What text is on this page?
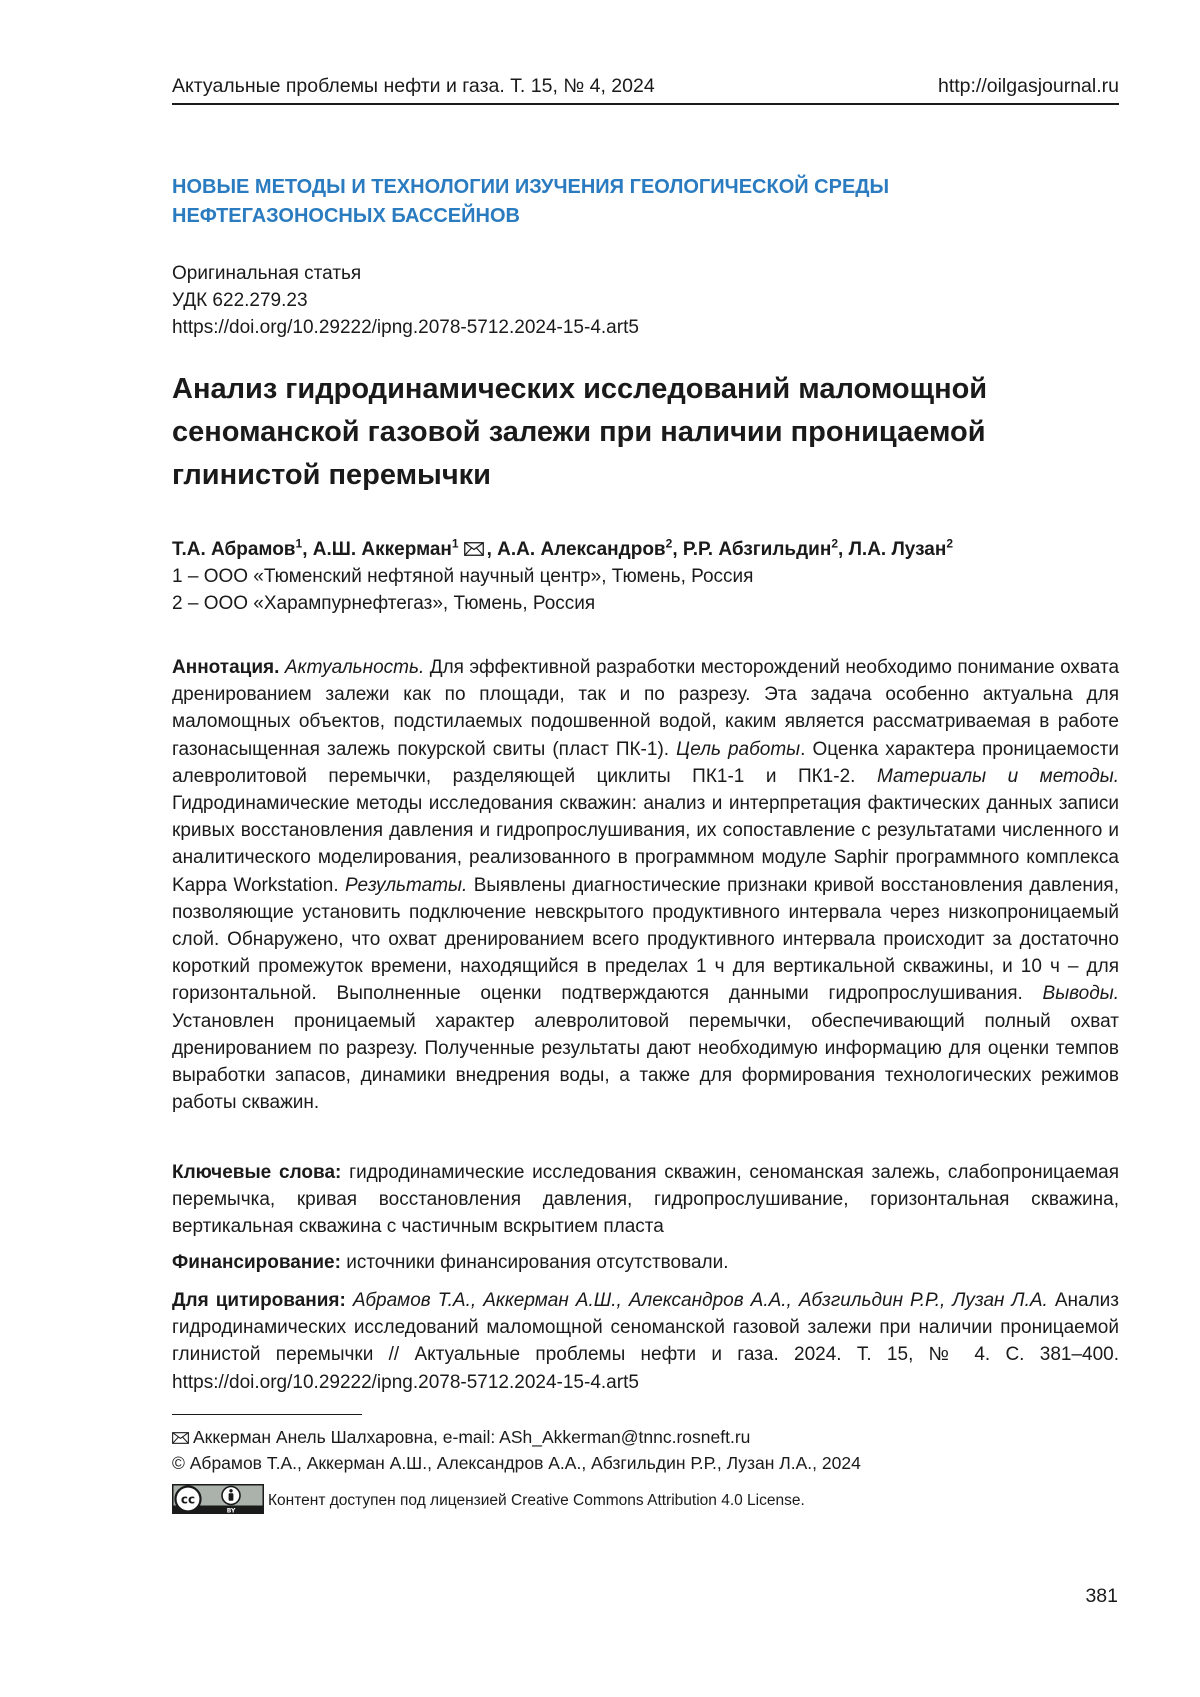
Актуальные проблемы нефти и газа. Т. 15, № 4, 2024	http://oilgasjournal.ru
НОВЫЕ МЕТОДЫ И ТЕХНОЛОГИИ ИЗУЧЕНИЯ ГЕОЛОГИЧЕСКОЙ СРЕДЫ
НЕФТЕГАЗОНОСНЫХ БАССЕЙНОВ
Оригинальная статья
УДК 622.279.23
https://doi.org/10.29222/ipng.2078-5712.2024-15-4.art5
Анализ гидродинамических исследований маломощной
сеноманской газовой залежи при наличии проницаемой
глинистой перемычки
Т.А. Абрамов$^1$, А.Ш. Аккерман$^1$ , А.А. Александров$^2$, Р.Р. Абзгильдин$^2$, Л.А. Лузан$^2$
1 – ООО «Тюменский нефтяной научный центр», Тюмень, Россия
2 – ООО «Харампурнефтегаз», Тюмень, Россия

Аннотация. Актуальность. Для эффективной разработки месторождений необходимо понимание охвата дренированием залежи как по площади, так и по разрезу. Эта задача особенно актуальна для маломощных объектов, подстилаемых подошвенной водой, каким является рассматриваемая в работе газонасыщенная залежь покурской свиты (пласт ПК-1). Цель работы. Оценка характера проницаемости алевролитовой перемычки, разделяющей циклиты ПК1-1 и ПК1-2. Материалы и методы. Гидродинамические методы исследования скважин: анализ и интерпретация фактических данных записи кривых восстановления давления и гидропрослушивания, их сопоставление с результатами численного и аналитического моделирования, реализованного в программном модуле Saphir программного комплекса Kappa Workstation. Результаты. Выявлены диагностические признаки кривой восстановления давления, позволяющие установить подключение невскрытого продуктивного интервала через низкопроницаемый слой. Обнаружено, что охват дренированием всего продуктивного интервала происходит за достаточно короткий промежуток времени, находящийся в пределах 1 ч для вертикальной скважины, и 10 ч – для горизонтальной. Выполненные оценки подтверждаются данными гидропрослушивания. Выводы. Установлен проницаемый характер алевролитовой перемычки, обеспечивающий полный охват дренированием по разрезу. Полученные результаты дают необходимую информацию для оценки темпов выработки запасов, динамики внедрения воды, а также для формирования технологических режимов работы скважин.

Ключевые слова: гидродинамические исследования скважин, сеноманская залежь, слабопроницаемая перемычка, кривая восстановления давления, гидропрослушивание, горизонтальная скважина, вертикальная скважина с частичным вскрытием пласта

Финансирование: источники финансирования отсутствовали.

Для цитирования: Абрамов Т.А., Аккерман А.Ш., Александров А.А., Абзгильдин Р.Р., Лузан Л.А. Анализ гидродинамических исследований маломощной сеноманской газовой залежи при наличии проницаемой глинистой перемычки // Актуальные проблемы нефти и газа. 2024. Т. 15, № 4. С. 381–400. https://doi.org/10.29222/ipng.2078-5712.2024-15-4.art5

Аккерман Анель Шалхаровна, e-mail: ASh_Akkerman@tnnc.rosneft.ru
© Абрамов Т.А., Аккерман А.Ш., Александров А.А., Абзгильдин Р.Р., Лузан Л.А., 2024
cc
BY
Контент доступен под лицензией Creative Commons Attribution 4.0 License.
381
